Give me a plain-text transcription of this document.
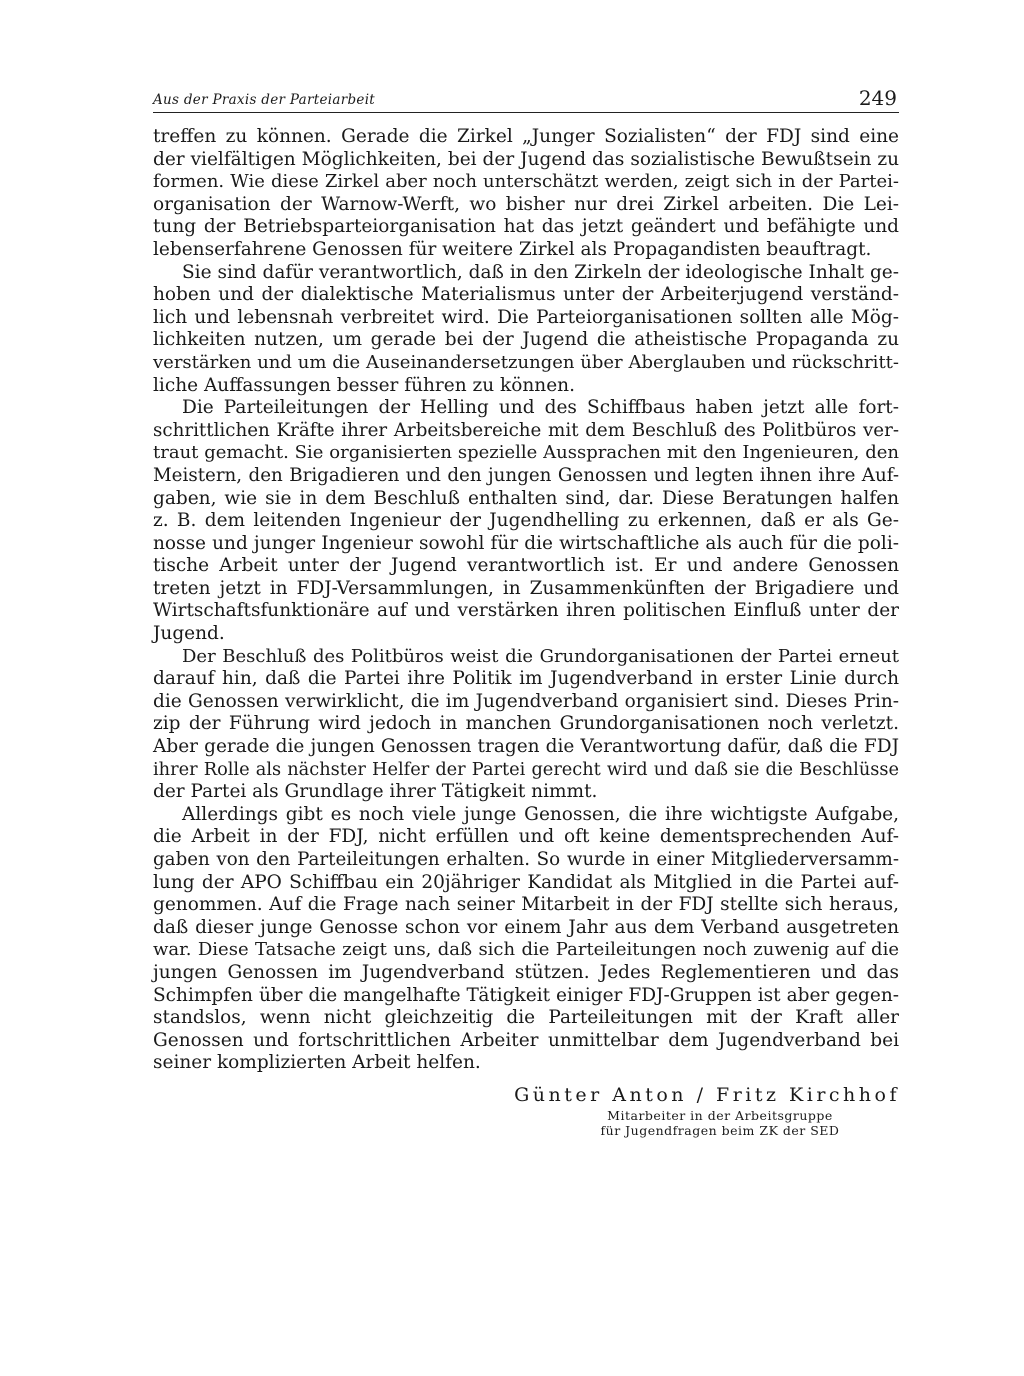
Aus der Praxis der Parteiarbeit	249
treffen zu können. Gerade die Zirkel „Junger Sozialisten“ der FDJ sind eine
der vielfältigen Möglichkeiten, bei der Jugend das sozialistische Bewußtsein zu
formen. Wie diese Zirkel aber noch unterschätzt werden, zeigt sich in der Partei-
organisation der Warnow-Werft, wo bisher nur drei Zirkel arbeiten. Die Lei-
tung der Betriebsparteiorganisation hat das jetzt geändert und befähigte und
lebenserfahrene Genossen für weitere Zirkel als Propagandisten beauftragt.
Sie sind dafür verantwortlich, daß in den Zirkeln der ideologische Inhalt ge-
hoben und der dialektische Materialismus unter der Arbeiterjugend verständ-
lich und lebensnah verbreitet wird. Die Parteiorganisationen sollten alle Mög-
lichkeiten nutzen, um gerade bei der Jugend die atheistische Propaganda zu
verstärken und um die Auseinandersetzungen über Aberglauben und rückschritt-
liche Auffassungen besser führen zu können.
Die Parteileitungen der Helling und des Schiffbaus haben jetzt alle fort-
schrittlichen Kräfte ihrer Arbeitsbereiche mit dem Beschluß des Politbüros ver-
traut gemacht. Sie organisierten spezielle Aussprachen mit den Ingenieuren, den
Meistern, den Brigadieren und den jungen Genossen und legten ihnen ihre Auf-
gaben, wie sie in dem Beschluß enthalten sind, dar. Diese Beratungen halfen
z. B. dem leitenden Ingenieur der Jugendhelling zu erkennen, daß er als Ge-
nosse und junger Ingenieur sowohl für die wirtschaftliche als auch für die poli-
tische Arbeit unter der Jugend verantwortlich ist. Er und andere Genossen
treten jetzt in FDJ-Versammlungen, in Zusammenkünften der Brigadiere und
Wirtschaftsfunktionäre auf und verstärken ihren politischen Einfluß unter der
Jugend.
Der Beschluß des Politbüros weist die Grundorganisationen der Partei erneut
darauf hin, daß die Partei ihre Politik im Jugendverband in erster Linie durch
die Genossen verwirklicht, die im Jugendverband organisiert sind. Dieses Prin-
zip der Führung wird jedoch in manchen Grundorganisationen noch verletzt.
Aber gerade die jungen Genossen tragen die Verantwortung dafür, daß die FDJ
ihrer Rolle als nächster Helfer der Partei gerecht wird und daß sie die Beschlüsse
der Partei als Grundlage ihrer Tätigkeit nimmt.
Allerdings gibt es noch viele junge Genossen, die ihre wichtigste Aufgabe,
die Arbeit in der FDJ, nicht erfüllen und oft keine dementsprechenden Auf-
gaben von den Parteileitungen erhalten. So wurde in einer Mitgliederversamm-
lung der APO Schiffbau ein 20jähriger Kandidat als Mitglied in die Partei auf-
genommen. Auf die Frage nach seiner Mitarbeit in der FDJ stellte sich heraus,
daß dieser junge Genosse schon vor einem Jahr aus dem Verband ausgetreten
war. Diese Tatsache zeigt uns, daß sich die Parteileitungen noch zuwenig auf die
jungen Genossen im Jugendverband stützen. Jedes Reglementieren und das
Schimpfen über die mangelhafte Tätigkeit einiger FDJ-Gruppen ist aber gegen-
standslos, wenn nicht gleichzeitig die Parteileitungen mit der Kraft aller
Genossen und fortschrittlichen Arbeiter unmittelbar dem Jugendverband bei
seiner komplizierten Arbeit helfen.
Günter Anton / Fritz Kirchhof
Mitarbeiter in der Arbeitsgruppe
für Jugendfragen beim ZK der SED
